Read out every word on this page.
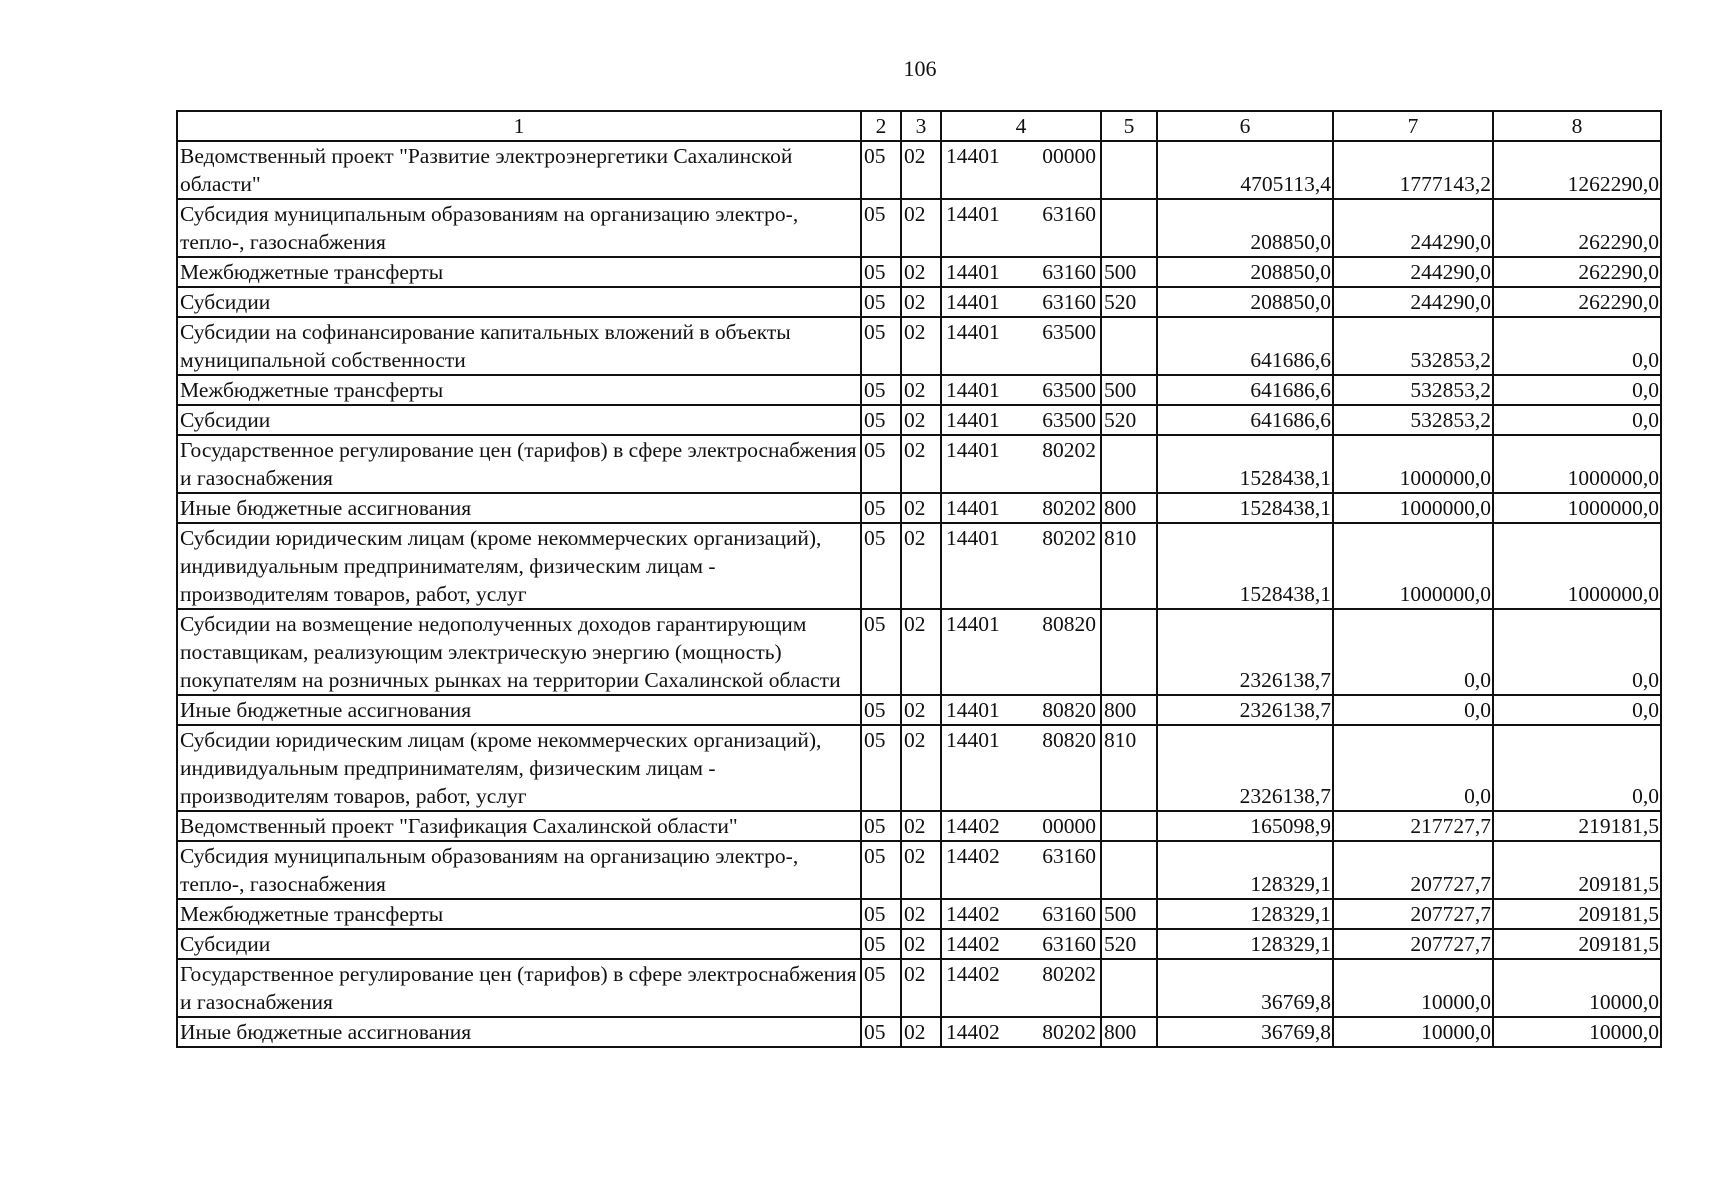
106
1	2	3	4	5	6	7	8
Ведомственный проект "Развитие электроэнергетики Сахалинской области"	05	02	14401 00000		4705113,4	1777143,2	1262290,0
Субсидия муниципальным образованиям на организацию электро-, тепло-, газоснабжения	05	02	14401 63160		208850,0	244290,0	262290,0
Межбюджетные трансферты	05	02	14401 63160	500	208850,0	244290,0	262290,0
Субсидии	05	02	14401 63160	520	208850,0	244290,0	262290,0
Субсидии на софинансирование капитальных вложений в объекты муниципальной собственности	05	02	14401 63500		641686,6	532853,2	0,0
Межбюджетные трансферты	05	02	14401 63500	500	641686,6	532853,2	0,0
Субсидии	05	02	14401 63500	520	641686,6	532853,2	0,0
Государственное регулирование цен (тарифов) в сфере электроснабжения и газоснабжения	05	02	14401 80202		1528438,1	1000000,0	1000000,0
Иные бюджетные ассигнования	05	02	14401 80202	800	1528438,1	1000000,0	1000000,0
Субсидии юридическим лицам (кроме некоммерческих организаций), индивидуальным предпринимателям, физическим лицам - производителям товаров, работ, услуг	05	02	14401 80202	810	1528438,1	1000000,0	1000000,0
Субсидии на возмещение недополученных доходов гарантирующим поставщикам, реализующим электрическую энергию (мощность) покупателям на розничных рынках на территории Сахалинской области	05	02	14401 80820		2326138,7	0,0	0,0
Иные бюджетные ассигнования	05	02	14401 80820	800	2326138,7	0,0	0,0
Субсидии юридическим лицам (кроме некоммерческих организаций), индивидуальным предпринимателям, физическим лицам - производителям товаров, работ, услуг	05	02	14401 80820	810	2326138,7	0,0	0,0
Ведомственный проект "Газификация Сахалинской области"	05	02	14402 00000		165098,9	217727,7	219181,5
Субсидия муниципальным образованиям на организацию электро-, тепло-, газоснабжения	05	02	14402 63160		128329,1	207727,7	209181,5
Межбюджетные трансферты	05	02	14402 63160	500	128329,1	207727,7	209181,5
Субсидии	05	02	14402 63160	520	128329,1	207727,7	209181,5
Государственное регулирование цен (тарифов) в сфере электроснабжения и газоснабжения	05	02	14402 80202		36769,8	10000,0	10000,0
Иные бюджетные ассигнования	05	02	14402 80202	800	36769,8	10000,0	10000,0
